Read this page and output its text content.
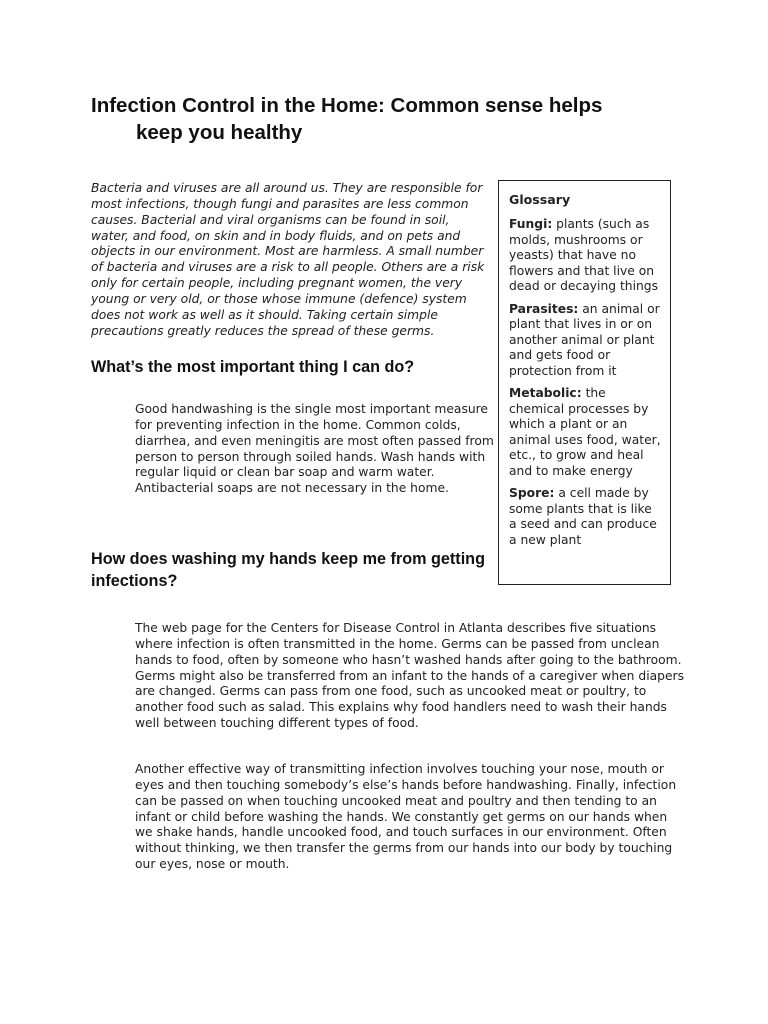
Infection Control in the Home: Common sense helps
keep you healthy

Bacteria and viruses are all around us. They are responsible for most infections, though fungi and parasites are less common causes. Bacterial and viral organisms can be found in soil, water, and food, on skin and in body fluids, and on pets and objects in our environment. Most are harmless. A small number of bacteria and viruses are a risk to all people. Others are a risk only for certain people, including pregnant women, the very young or very old, or those whose immune (defence) system does not work as well as it should. Taking certain simple precautions greatly reduces the spread of these germs.

Glossary

Fungi: plants (such as molds, mushrooms or yeasts) that have no flowers and that live on dead or decaying things

Parasites: an animal or plant that lives in or on another animal or plant and gets food or protection from it

Metabolic: the chemical processes by which a plant or an animal uses food, water, etc., to grow and heal and to make energy

Spore: a cell made by some plants that is like a seed and can produce a new plant

What’s the most important thing I can do?

Good handwashing is the single most important measure for preventing infection in the home. Common colds, diarrhea, and even meningitis are most often passed from person to person through soiled hands. Wash hands with regular liquid or clean bar soap and warm water. Antibacterial soaps are not necessary in the home.

How does washing my hands keep me from getting infections?

The web page for the Centers for Disease Control in Atlanta describes five situations where infection is often transmitted in the home. Germs can be passed from unclean hands to food, often by someone who hasn’t washed hands after going to the bathroom. Germs might also be transferred from an infant to the hands of a caregiver when diapers are changed. Germs can pass from one food, such as uncooked meat or poultry, to another food such as salad. This explains why food handlers need to wash their hands well between touching different types of food.

Another effective way of transmitting infection involves touching your nose, mouth or eyes and then touching somebody’s else’s hands before handwashing. Finally, infection can be passed on when touching uncooked meat and poultry and then tending to an infant or child before washing the hands. We constantly get germs on our hands when we shake hands, handle uncooked food, and touch surfaces in our environment. Often without thinking, we then transfer the germs from our hands into our body by touching our eyes, nose or mouth.
